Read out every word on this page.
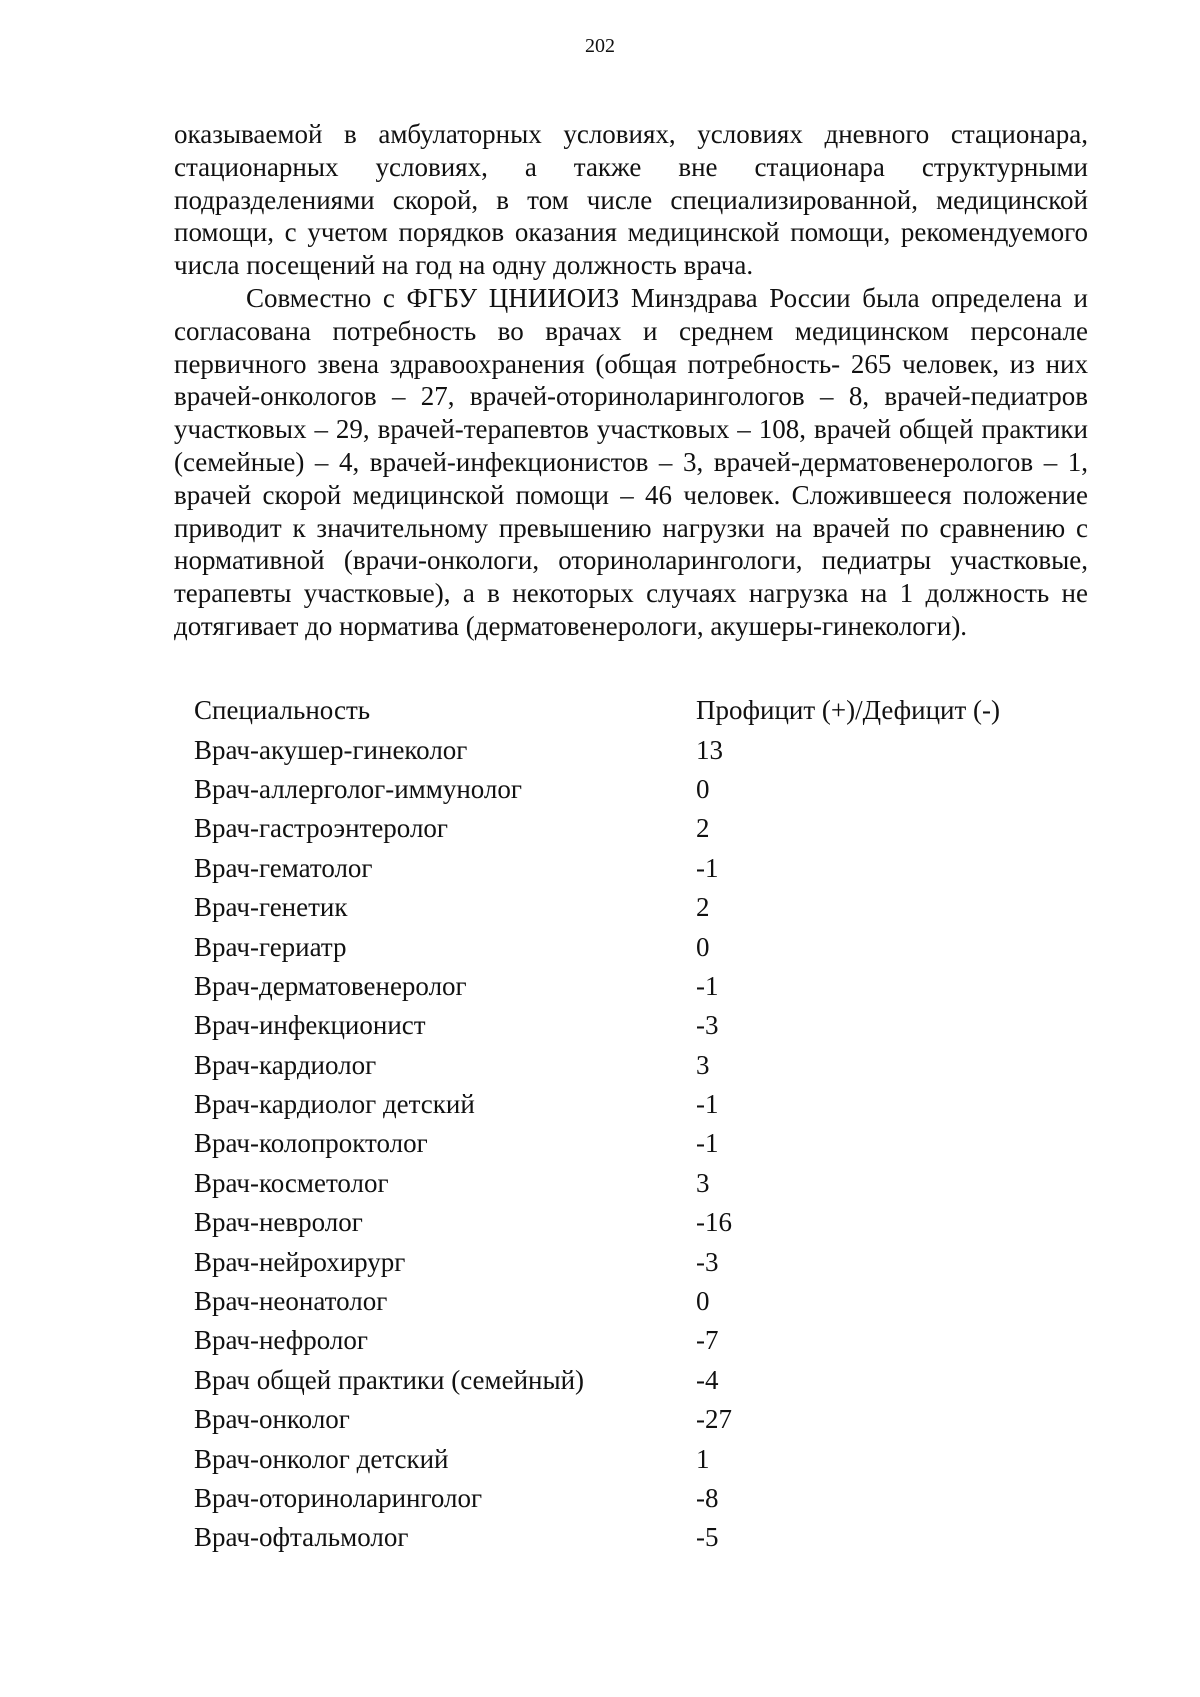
202

оказываемой в амбулаторных условиях, условиях дневного стационара, стационарных условиях, а также вне стационара структурными подразделениями скорой, в том числе специализированной, медицинской помощи, с учетом порядков оказания медицинской помощи, рекомендуемого числа посещений на год на одну должность врача.

Совместно с ФГБУ ЦНИИОИЗ Минздрава России была определена и согласована потребность во врачах и среднем медицинском персонале первичного звена здравоохранения (общая потребность- 265 человек, из них врачей-онкологов – 27, врачей-оториноларингологов – 8, врачей-педиатров участковых – 29, врачей-терапевтов участковых – 108, врачей общей практики (семейные) – 4, врачей-инфекционистов – 3, врачей-дерматовенерологов – 1, врачей скорой медицинской помощи – 46 человек. Сложившееся положение приводит к значительному превышению нагрузки на врачей по сравнению с нормативной (врачи-онкологи, оториноларингологи, педиатры участковые, терапевты участковые), а в некоторых случаях нагрузка на 1 должность не дотягивает до норматива (дерматовенерологи, акушеры-гинекологи).

Специальность	Профицит (+)/Дефицит (-)
Врач-акушер-гинеколог	13
Врач-аллерголог-иммунолог	0
Врач-гастроэнтеролог	2
Врач-гематолог	-1
Врач-генетик	2
Врач-гериатр	0
Врач-дерматовенеролог	-1
Врач-инфекционист	-3
Врач-кардиолог	3
Врач-кардиолог детский	-1
Врач-колопроктолог	-1
Врач-косметолог	3
Врач-невролог	-16
Врач-нейрохирург	-3
Врач-неонатолог	0
Врач-нефролог	-7
Врач общей практики (семейный)	-4
Врач-онколог	-27
Врач-онколог детский	1
Врач-оториноларинголог	-8
Врач-офтальмолог	-5
